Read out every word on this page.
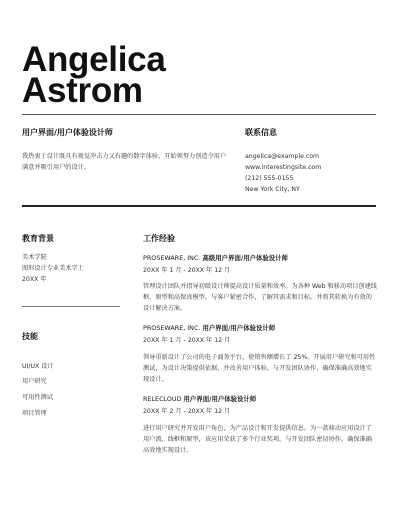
Angelica
Astrom
用户界面/用户体验设计师
我热衷于设计既具有视觉冲击力又有趣的数字体验，开始领努力创造令用户满意并吸引用户的设计。
联系信息
angelica@example.com
www.interestingsite.com
(212) 555-0155
New York City, NY
教育背景
美术学院
图形设计专业美术学士
20XX 年
技能
UI/UX 设计
用户研究
可用性测试
项目管理
工作经验
PROSEWARE, INC. 高级用户界面/用户体验设计师
20XX 年 1 月 - 20XX 年 12 月
管理设计团队并指导初级设计师提高设计质量和效率。为各种 Web 和移动项目创建线框、原型和高保真模型。与客户紧密合作，了解其需求和目标，并将其转换为有效的设计解决方案。
PROSEWARE, INC. 用户界面/用户体验设计师
20XX 年 1 月 - 20XX 年 12 月
领导重新设计了公司的电子商务平台，使销售额增长了 25%。开展用户研究和可用性测试，为设计决策提供依据，并改善用户体验。与开发团队协作，确保准确高效地实现设计。
RELECLOUD 用户界面/用户体验设计师
20XX 年 2 月 - 20XX 年 12 月
进行用户研究并开发用户角色，为产品设计和开发提供信息。为一款移动应用设计了用户流、线框和原型，该应用荣获了多个行业奖项。与开发团队密切协作，确保准确高效地实现设计。
